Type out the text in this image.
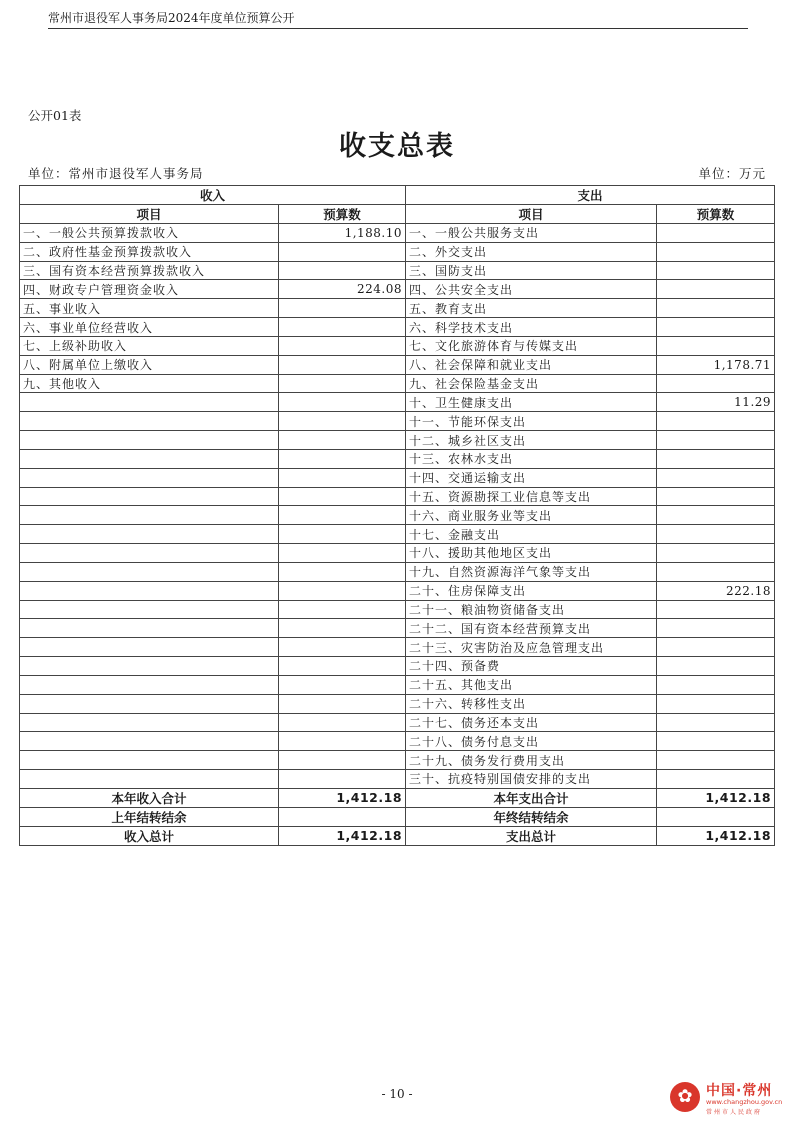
常州市退役军人事务局2024年度单位预算公开
公开01表
收支总表
单位：常州市退役军人事务局	单位：万元
收入		支出	
项目	预算数	项目	预算数
一、一般公共预算拨款收入	1,188.10	一、一般公共服务支出	
二、政府性基金预算拨款收入		二、外交支出	
三、国有资本经营预算拨款收入		三、国防支出	
四、财政专户管理资金收入	224.08	四、公共安全支出	
五、事业收入		五、教育支出	
六、事业单位经营收入		六、科学技术支出	
七、上级补助收入		七、文化旅游体育与传媒支出	
八、附属单位上缴收入		八、社会保障和就业支出	1,178.71
九、其他收入		九、社会保险基金支出	
		十、卫生健康支出	11.29
		十一、节能环保支出	
		十二、城乡社区支出	
		十三、农林水支出	
		十四、交通运输支出	
		十五、资源勘探工业信息等支出	
		十六、商业服务业等支出	
		十七、金融支出	
		十八、援助其他地区支出	
		十九、自然资源海洋气象等支出	
		二十、住房保障支出	222.18
		二十一、粮油物资储备支出	
		二十二、国有资本经营预算支出	
		二十三、灾害防治及应急管理支出	
		二十四、预备费	
		二十五、其他支出	
		二十六、转移性支出	
		二十七、债务还本支出	
		二十八、债务付息支出	
		二十九、债务发行费用支出	
		三十、抗疫特别国债安排的支出	
本年收入合计	1,412.18	本年支出合计	1,412.18
上年结转结余		年终结转结余	
收入总计	1,412.18	支出总计	1,412.18
- 10 -	✿ 中国·常州
www.changzhou.gov.cn
常州市人民政府
